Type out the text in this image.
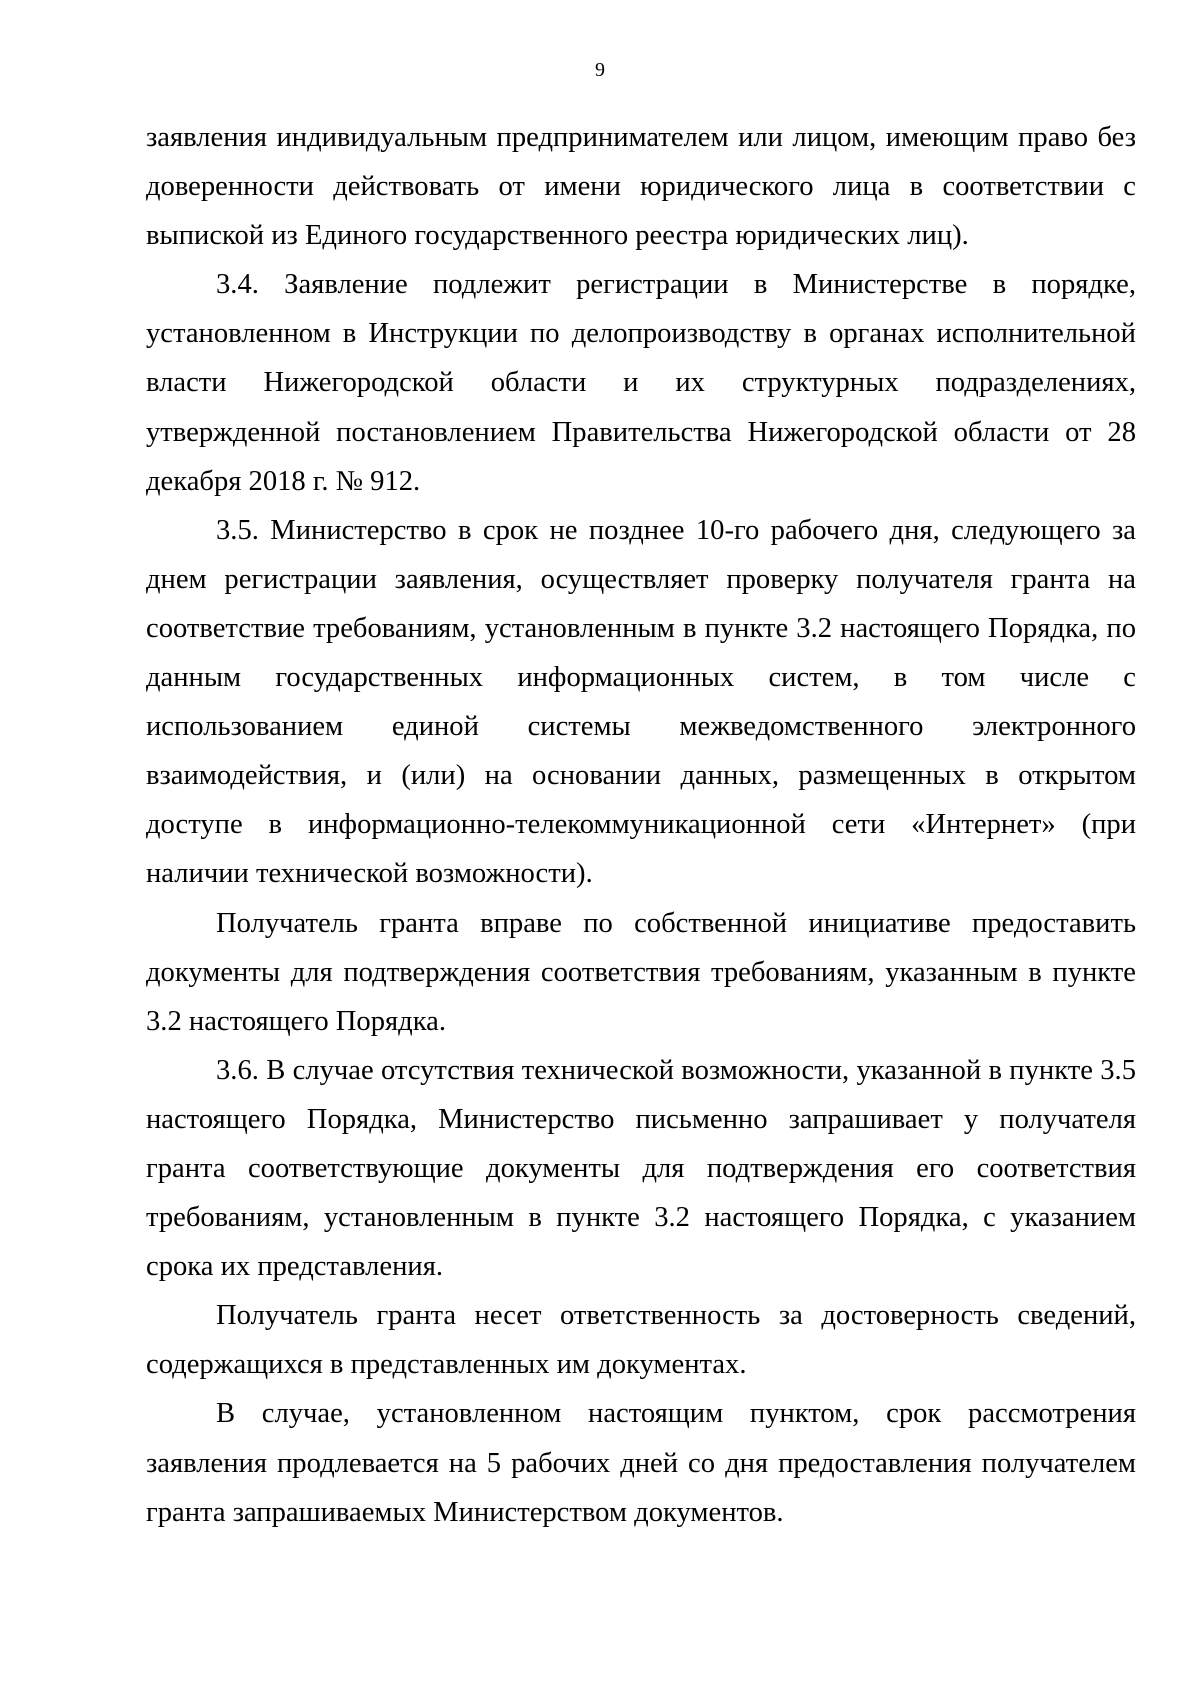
9

заявления индивидуальным предпринимателем или лицом, имеющим право без доверенности действовать от имени юридического лица в соответствии с выпиской из Единого государственного реестра юридических лиц).

3.4. Заявление подлежит регистрации в Министерстве в порядке, установленном в Инструкции по делопроизводству в органах исполнительной власти Нижегородской области и их структурных подразделениях, утвержденной постановлением Правительства Нижегородской области от 28 декабря 2018 г. № 912.

3.5. Министерство в срок не позднее 10-го рабочего дня, следующего за днем регистрации заявления, осуществляет проверку получателя гранта на соответствие требованиям, установленным в пункте 3.2 настоящего Порядка, по данным государственных информационных систем, в том числе с использованием единой системы межведомственного электронного взаимодействия, и (или) на основании данных, размещенных в открытом доступе в информационно-телекоммуникационной сети «Интернет» (при наличии технической возможности).

Получатель гранта вправе по собственной инициативе предоставить документы для подтверждения соответствия требованиям, указанным в пункте 3.2 настоящего Порядка.

3.6. В случае отсутствия технической возможности, указанной в пункте 3.5 настоящего Порядка, Министерство письменно запрашивает у получателя гранта соответствующие документы для подтверждения его соответствия требованиям, установленным в пункте 3.2 настоящего Порядка, с указанием срока их представления.

Получатель гранта несет ответственность за достоверность сведений, содержащихся в представленных им документах.

В случае, установленном настоящим пунктом, срок рассмотрения заявления продлевается на 5 рабочих дней со дня предоставления получателем гранта запрашиваемых Министерством документов.
